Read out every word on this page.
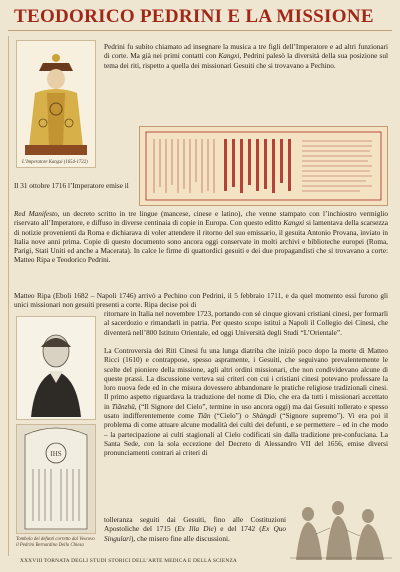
TEODORICO PEDRINI E LA MISSIONE
L’Imperatore Kangxi (1654-1722)

Pedrini fu subito chiamato ad insegnare la musica a tre figli dell’Imperatore e ad altri funzionari di corte. Ma già nei primi contatti con Kangxi, Pedrini palesò la diversità della sua posizione sul tema dei riti, rispetto a quella dei missionari Gesuiti che si trovavano a Pechino.

Il 31 ottobre 1716 l’Imperatore emise il

Red Manifesto, un decreto scritto in tre lingue (mancese, cinese e latino), che venne stampato con l’inchiostro vermiglio riservato all’Imperatore, e diffuso in diverse centinaia di copie in Europa. Con questo editto Kangxi si lamentava della scarsezza di notizie provenienti da Roma e dichiarava di voler attendere il ritorno del suo emissario, il gesuita Antonio Provana, inviato in Italia nove anni prima. Copie di questo documento sono ancora oggi conservate in molti archivi e biblioteche europei (Roma, Parigi, Stati Uniti ed anche a Macerata). In calce le firme di quattordici gesuiti e dei due propagandisti che si trovavano a corte: Matteo Ripa e Teodorico Pedrini.

Matteo Ripa (Eboli 1682 – Napoli 1746) arrivò a Pechino con Pedrini, il 5 febbraio 1711, e da quel momento essi furono gli unici missionari non gesuiti presenti a corte. Ripa decise poi di

ritornare in Italia nel novembre 1723, portando con sé cinque giovani cristiani cinesi, per formarli al sacerdozio e rimandarli in patria. Per questo scopo istituì a Napoli il Collegio dei Cinesi, che diventerà nell’800 Istituto Orientale, ed oggi Università degli Studi “L’Orientale”.

La Controversia dei Riti Cinesi fu una lunga diatriba che iniziò poco dopo la morte di Matteo Ricci (1610) e contrappose, spesso aspramente, i Gesuiti, che seguivano prevalentemente le scelte del pioniere della missione, agli altri ordini missionari, che non condividevano alcune di queste prassi. La discussione verteva sui criteri con cui i cristiani cinesi potevano professare la loro nuova fede ed in che misura dovessero abbandonare le pratiche religiose tradizionali cinesi. Il primo aspetto riguardava la traduzione del nome di Dio, che era da tutti i missionari accettato in Tiānzhǔ, (“Il Signore del Cielo”, termine in uso ancora oggi) ma dai Gesuiti tollerato e spesso usato indifferentemente come Tiān (“Cielo”) o Shàngdì (“Signore supremo”). Vi era poi il problema di come attuare alcune modalità dei culti dei defunti, e se permettere – ed in che modo – la partecipazione ai culti stagionali al Cielo codificati sin dalla tradizione pre-confuciana. La Santa Sede, con la sola eccezione del Decreto di Alessandro VII del 1656, emise diversi pronunciamenti contrari ai criteri di

IHS
Tombolo dei defunti corretto dal Vescovo
il Pedrini Bernardino Della Chiesa

tolleranza seguiti dai Gesuiti, fino alle Costituzioni Apostoliche del 1715 (Ex Illa Die) e del 1742 (Ex Quo Singulari), che misero fine alle discussioni.

XXXVIII TORNATA DEGLI STUDI STORICI DELL’ARTE MEDICA E DELLA SCIENZA
